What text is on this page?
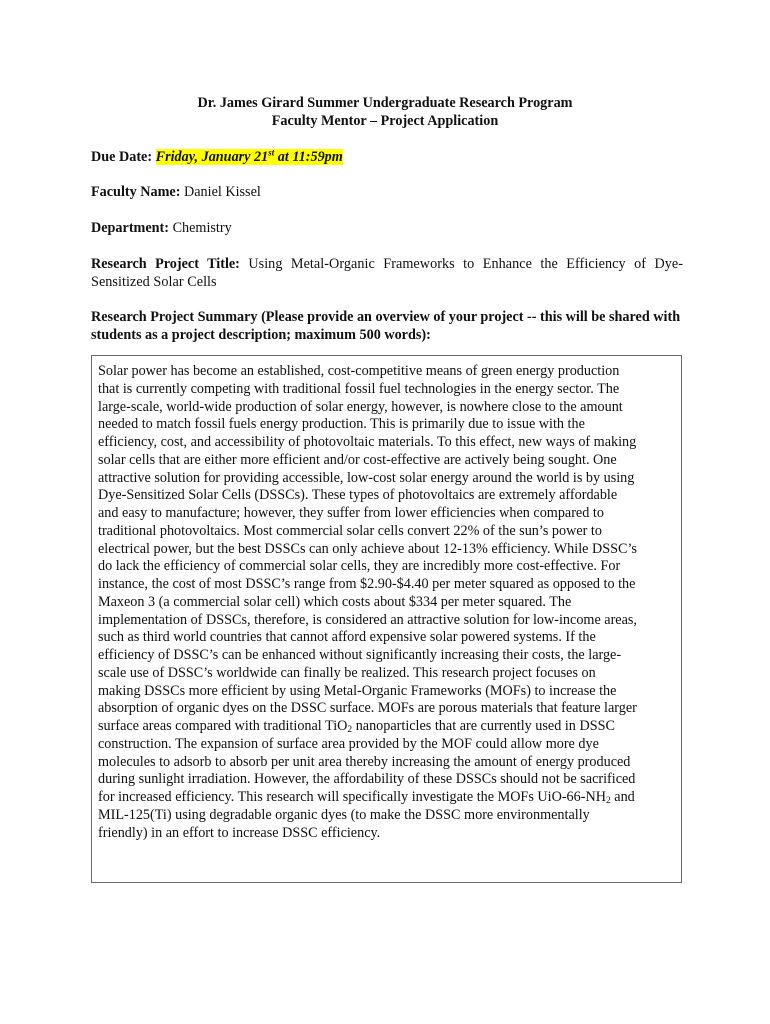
Dr. James Girard Summer Undergraduate Research Program
Faculty Mentor – Project Application
Due Date: Friday, January 21st at 11:59pm
Faculty Name: Daniel Kissel
Department: Chemistry
Research Project Title: Using Metal-Organic Frameworks to Enhance the Efficiency of Dye-Sensitized Solar Cells
Research Project Summary (Please provide an overview of your project -- this will be shared with students as a project description; maximum 500 words):
Solar power has become an established, cost-competitive means of green energy production
that is currently competing with traditional fossil fuel technologies in the energy sector. The
large-scale, world-wide production of solar energy, however, is nowhere close to the amount
needed to match fossil fuels energy production. This is primarily due to issue with the
efficiency, cost, and accessibility of photovoltaic materials. To this effect, new ways of making
solar cells that are either more efficient and/or cost-effective are actively being sought. One
attractive solution for providing accessible, low-cost solar energy around the world is by using
Dye-Sensitized Solar Cells (DSSCs). These types of photovoltaics are extremely affordable
and easy to manufacture; however, they suffer from lower efficiencies when compared to
traditional photovoltaics. Most commercial solar cells convert 22% of the sun’s power to
electrical power, but the best DSSCs can only achieve about 12-13% efficiency. While DSSC’s
do lack the efficiency of commercial solar cells, they are incredibly more cost-effective. For
instance, the cost of most DSSC’s range from $2.90-$4.40 per meter squared as opposed to the
Maxeon 3 (a commercial solar cell) which costs about $334 per meter squared. The
implementation of DSSCs, therefore, is considered an attractive solution for low-income areas,
such as third world countries that cannot afford expensive solar powered systems. If the
efficiency of DSSC’s can be enhanced without significantly increasing their costs, the large-
scale use of DSSC’s worldwide can finally be realized. This research project focuses on
making DSSCs more efficient by using Metal-Organic Frameworks (MOFs) to increase the
absorption of organic dyes on the DSSC surface. MOFs are porous materials that feature larger
surface areas compared with traditional TiO$_2$ nanoparticles that are currently used in DSSC
construction. The expansion of surface area provided by the MOF could allow more dye
molecules to adsorb to absorb per unit area thereby increasing the amount of energy produced
during sunlight irradiation. However, the affordability of these DSSCs should not be sacrificed
for increased efficiency. This research will specifically investigate the MOFs UiO-$66-NH_2$ and
MIL-125(Ti) using degradable organic dyes (to make the DSSC more environmentally
friendly) in an effort to increase DSSC efficiency.
